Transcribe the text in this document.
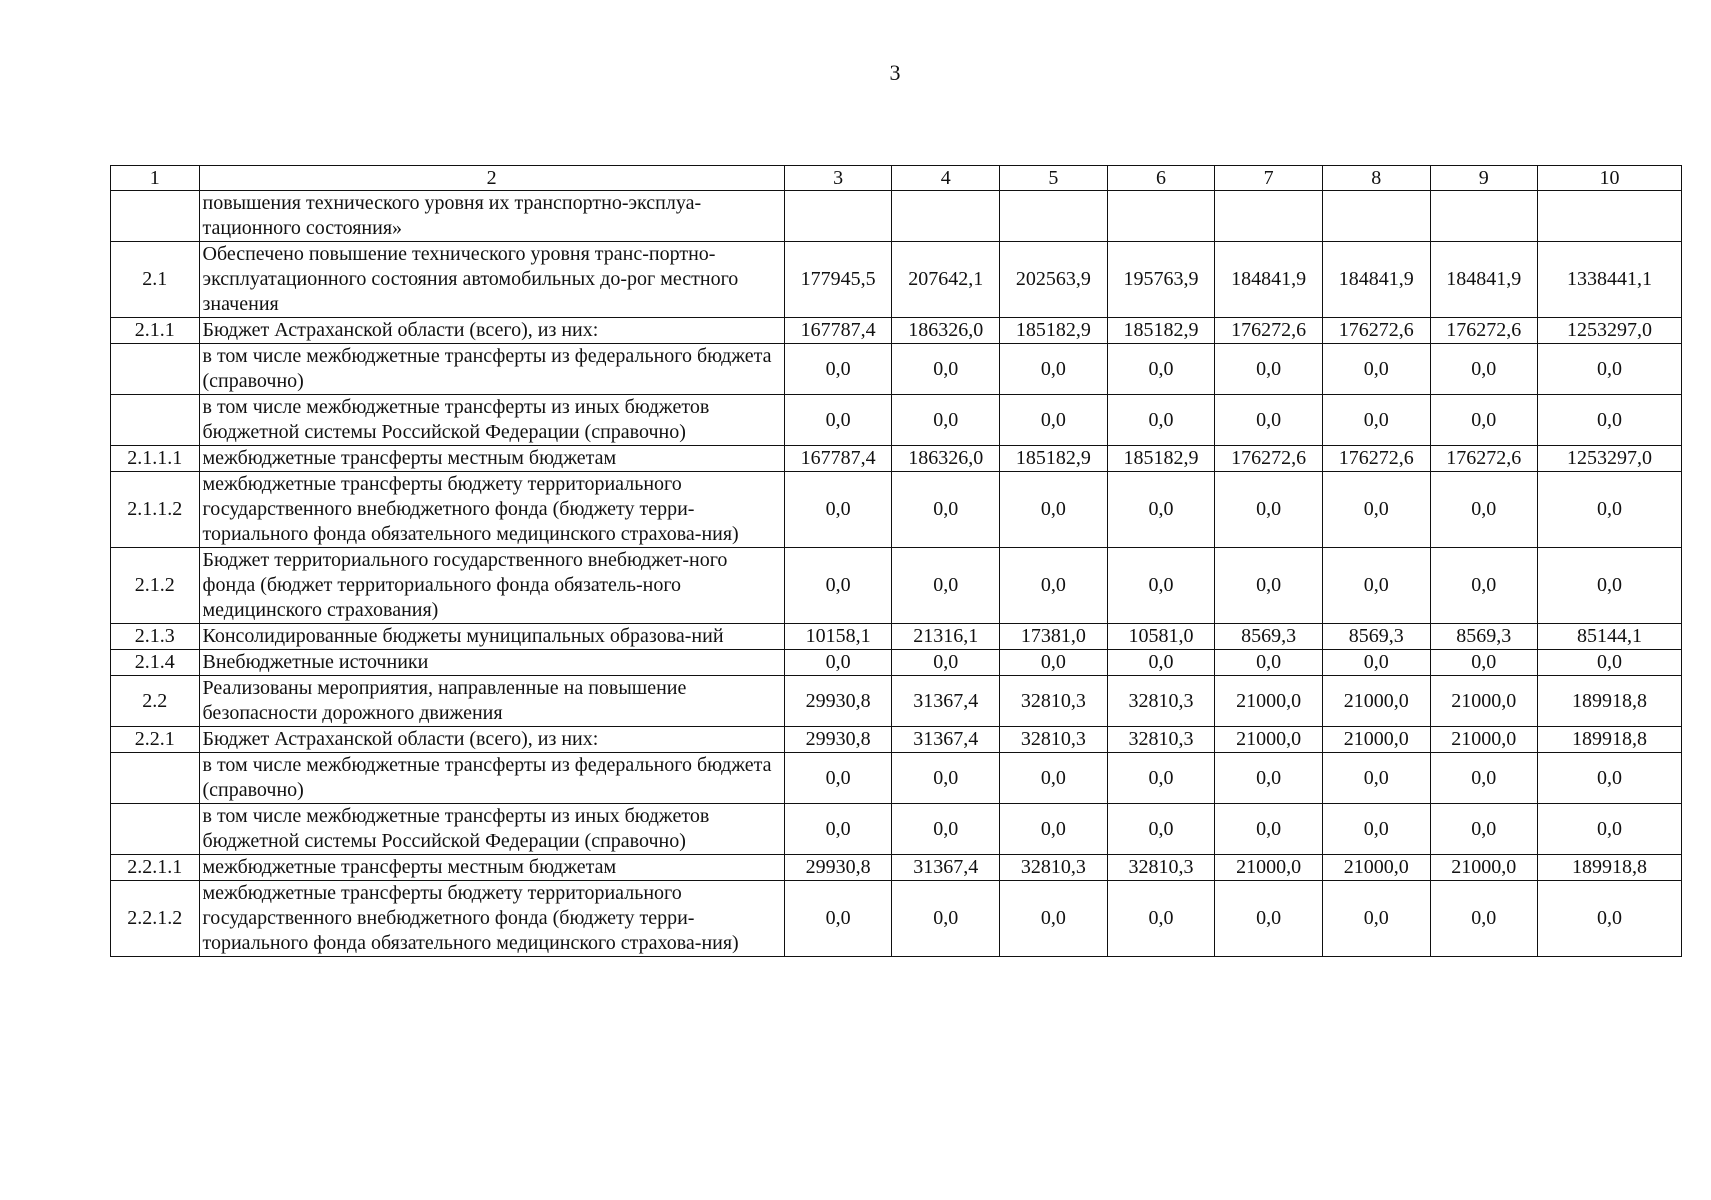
3
1	2	3	4	5	6	7	8	9	10
	повышения технического уровня их транспортно-эксплуа-тационного состояния»								
2.1	Обеспечено повышение технического уровня транс-портно-эксплуатационного состояния автомобильных до-рог местного значения	177945,5	207642,1	202563,9	195763,9	184841,9	184841,9	184841,9	1338441,1
2.1.1	Бюджет Астраханской области (всего), из них:	167787,4	186326,0	185182,9	185182,9	176272,6	176272,6	176272,6	1253297,0
	в том числе межбюджетные трансферты из федерального бюджета (справочно)	0,0	0,0	0,0	0,0	0,0	0,0	0,0	0,0
	в том числе межбюджетные трансферты из иных бюджетов бюджетной системы Российской Федерации (справочно)	0,0	0,0	0,0	0,0	0,0	0,0	0,0	0,0
2.1.1.1	межбюджетные трансферты местным бюджетам	167787,4	186326,0	185182,9	185182,9	176272,6	176272,6	176272,6	1253297,0
2.1.1.2	межбюджетные трансферты бюджету территориального государственного внебюджетного фонда (бюджету терри-ториального фонда обязательного медицинского страхова-ния)	0,0	0,0	0,0	0,0	0,0	0,0	0,0	0,0
2.1.2	Бюджет территориального государственного внебюджет-ного фонда (бюджет территориального фонда обязатель-ного медицинского страхования)	0,0	0,0	0,0	0,0	0,0	0,0	0,0	0,0
2.1.3	Консолидированные бюджеты муниципальных образова-ний	10158,1	21316,1	17381,0	10581,0	8569,3	8569,3	8569,3	85144,1
2.1.4	Внебюджетные источники	0,0	0,0	0,0	0,0	0,0	0,0	0,0	0,0
2.2	Реализованы мероприятия, направленные на повышение безопасности дорожного движения	29930,8	31367,4	32810,3	32810,3	21000,0	21000,0	21000,0	189918,8
2.2.1	Бюджет Астраханской области (всего), из них:	29930,8	31367,4	32810,3	32810,3	21000,0	21000,0	21000,0	189918,8
	в том числе межбюджетные трансферты из федерального бюджета (справочно)	0,0	0,0	0,0	0,0	0,0	0,0	0,0	0,0
	в том числе межбюджетные трансферты из иных бюджетов бюджетной системы Российской Федерации (справочно)	0,0	0,0	0,0	0,0	0,0	0,0	0,0	0,0
2.2.1.1	межбюджетные трансферты местным бюджетам	29930,8	31367,4	32810,3	32810,3	21000,0	21000,0	21000,0	189918,8
2.2.1.2	межбюджетные трансферты бюджету территориального государственного внебюджетного фонда (бюджету терри-ториального фонда обязательного медицинского страхова-ния)	0,0	0,0	0,0	0,0	0,0	0,0	0,0	0,0
